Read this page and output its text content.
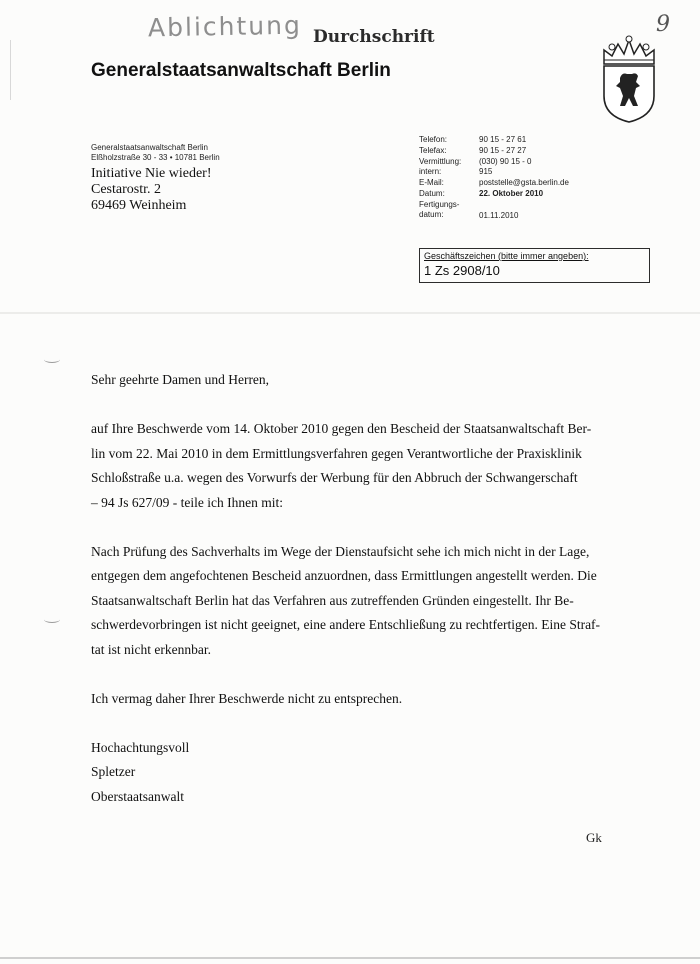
Ablichtung Durchschrift	9
Generalstaatsanwaltschaft Berlin
Generalstaatsanwaltschaft Berlin
Elßholzstraße 30 - 33 • 10781 Berlin
Initiative Nie wieder!
Cestarostr. 2
69469 Weinheim
Telefon:	90 15 - 27 61
Telefax:	90 15 - 27 27
Vermittlung: (030) 90 15 - 0
intern:	915
E-Mail:	poststelle@gsta.berlin.de
Datum:	22. Oktober 2010
Fertigungs-datum:	01.11.2010
Geschäftszeichen (bitte immer angeben):
1 Zs 2908/10

Sehr geehrte Damen und Herren,

auf Ihre Beschwerde vom 14. Oktober 2010 gegen den Bescheid der Staatsanwaltschaft Ber-
lin vom 22. Mai 2010 in dem Ermittlungsverfahren gegen Verantwortliche der Praxisklinik
Schloßstraße u.a. wegen des Vorwurfs der Werbung für den Abbruch der Schwangerschaft
– 94 Js 627/09 - teile ich Ihnen mit:

Nach Prüfung des Sachverhalts im Wege der Dienstaufsicht sehe ich mich nicht in der Lage,
entgegen dem angefochtenen Bescheid anzuordnen, dass Ermittlungen angestellt werden. Die
Staatsanwaltschaft Berlin hat das Verfahren aus zutreffenden Gründen eingestellt. Ihr Be-
schwerdevorbringen ist nicht geeignet, eine andere Entschließung zu rechtfertigen. Eine Straf-
tat ist nicht erkennbar.

Ich vermag daher Ihrer Beschwerde nicht zu entsprechen.

Hochachtungsvoll

Spletzer

Oberstaatsanwalt

Gk
